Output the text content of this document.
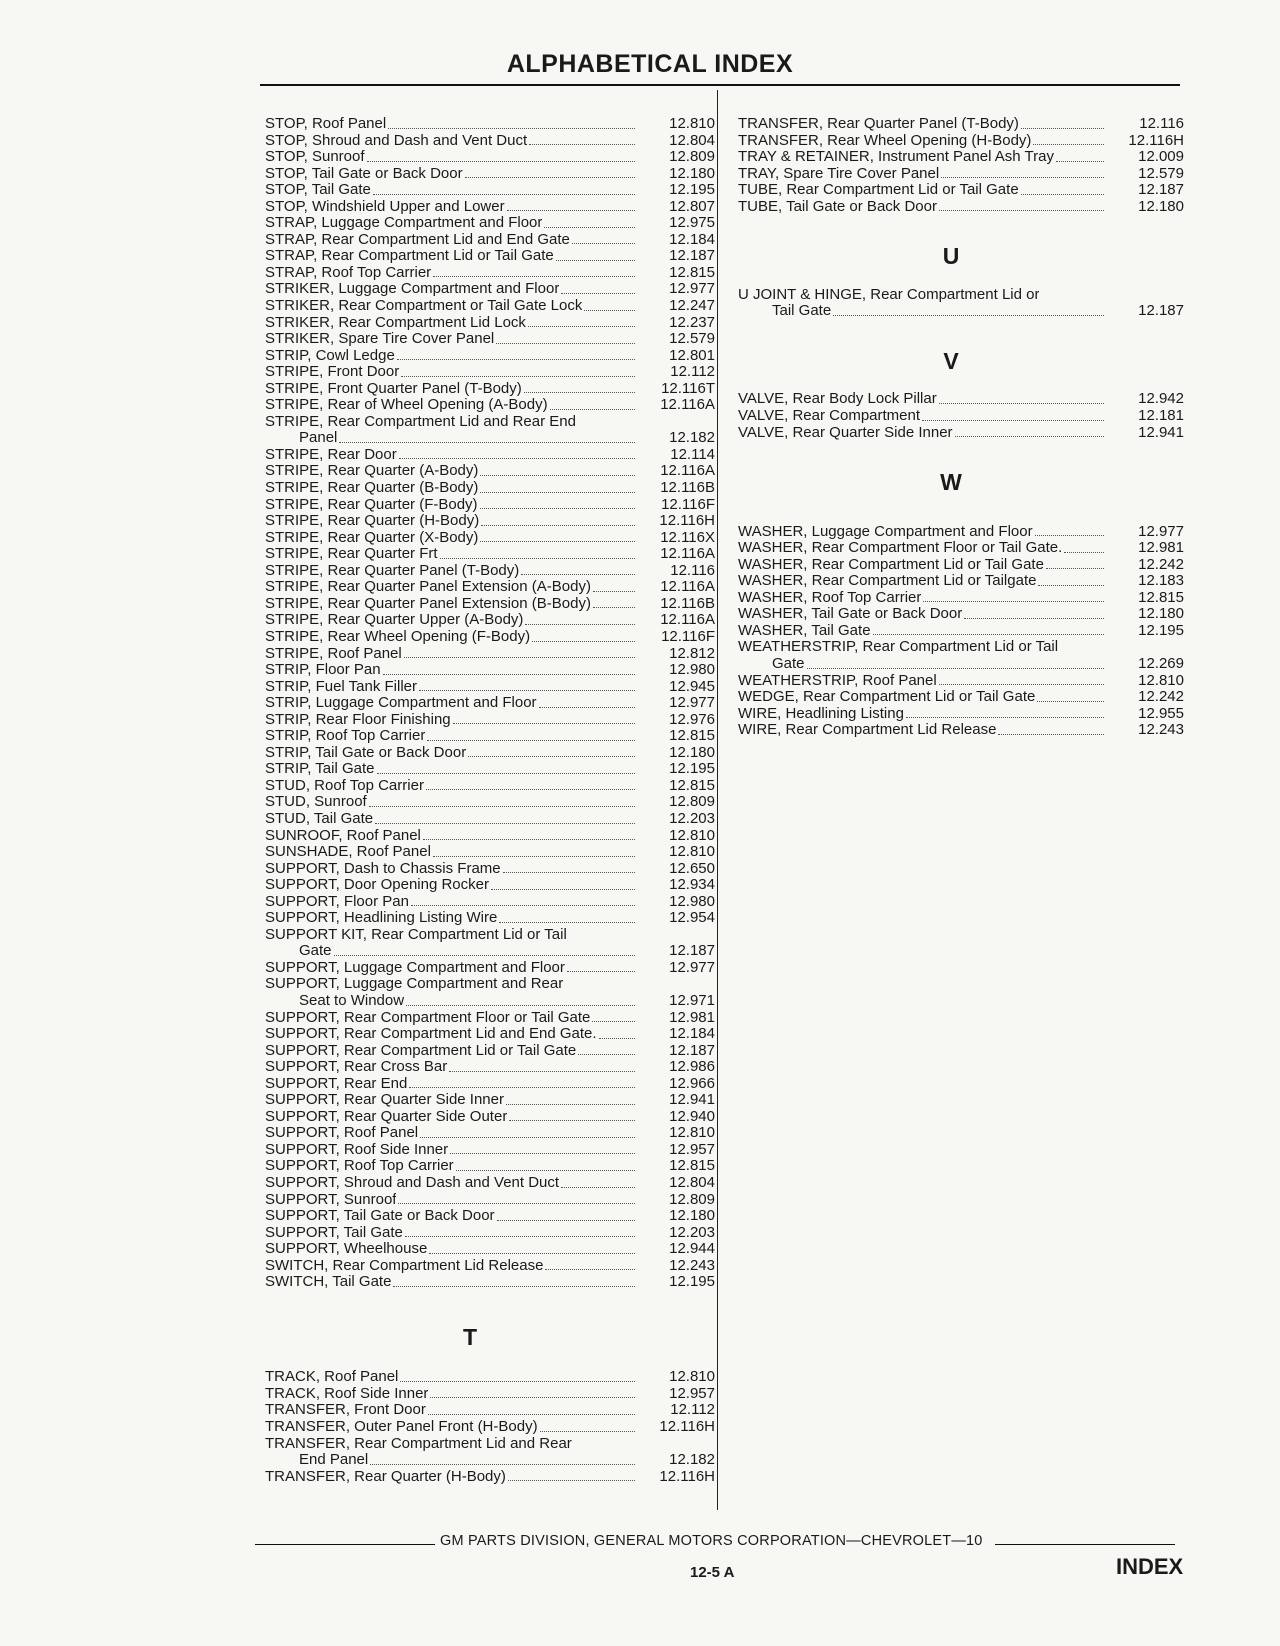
ALPHABETICAL INDEX
STOP, Roof Panel	12.810
STOP, Shroud and Dash and Vent Duct	12.804
STOP, Sunroof	12.809
STOP, Tail Gate or Back Door	12.180
STOP, Tail Gate	12.195
STOP, Windshield Upper and Lower	12.807
STRAP, Luggage Compartment and Floor	12.975
STRAP, Rear Compartment Lid and End Gate	12.184
STRAP, Rear Compartment Lid or Tail Gate	12.187
STRAP, Roof Top Carrier	12.815
STRIKER, Luggage Compartment and Floor	12.977
STRIKER, Rear Compartment or Tail Gate Lock	12.247
STRIKER, Rear Compartment Lid Lock	12.237
STRIKER, Spare Tire Cover Panel	12.579
STRIP, Cowl Ledge	12.801
STRIPE, Front Door	12.112
STRIPE, Front Quarter Panel (T-Body)	12.116T
STRIPE, Rear of Wheel Opening (A-Body)	12.116A
STRIPE, Rear Compartment Lid and Rear End
Panel	12.182
STRIPE, Rear Door	12.114
STRIPE, Rear Quarter (A-Body)	12.116A
STRIPE, Rear Quarter (B-Body)	12.116B
STRIPE, Rear Quarter (F-Body)	12.116F
STRIPE, Rear Quarter (H-Body)	12.116H
STRIPE, Rear Quarter (X-Body)	12.116X
STRIPE, Rear Quarter Frt	12.116A
STRIPE, Rear Quarter Panel (T-Body)	12.116
STRIPE, Rear Quarter Panel Extension (A-Body)	12.116A
STRIPE, Rear Quarter Panel Extension (B-Body)	12.116B
STRIPE, Rear Quarter Upper (A-Body)	12.116A
STRIPE, Rear Wheel Opening (F-Body)	12.116F
STRIPE, Roof Panel	12.812
STRIP, Floor Pan	12.980
STRIP, Fuel Tank Filler	12.945
STRIP, Luggage Compartment and Floor	12.977
STRIP, Rear Floor Finishing	12.976
STRIP, Roof Top Carrier	12.815
STRIP, Tail Gate or Back Door	12.180
STRIP, Tail Gate	12.195
STUD, Roof Top Carrier	12.815
STUD, Sunroof	12.809
STUD, Tail Gate	12.203
SUNROOF, Roof Panel	12.810
SUNSHADE, Roof Panel	12.810
SUPPORT, Dash to Chassis Frame	12.650
SUPPORT, Door Opening Rocker	12.934
SUPPORT, Floor Pan	12.980
SUPPORT, Headlining Listing Wire	12.954
SUPPORT KIT, Rear Compartment Lid or Tail
Gate	12.187
SUPPORT, Luggage Compartment and Floor	12.977
SUPPORT, Luggage Compartment and Rear
Seat to Window	12.971
SUPPORT, Rear Compartment Floor or Tail Gate	12.981
SUPPORT, Rear Compartment Lid and End Gate.	12.184
SUPPORT, Rear Compartment Lid or Tail Gate	12.187
SUPPORT, Rear Cross Bar	12.986
SUPPORT, Rear End	12.966
SUPPORT, Rear Quarter Side Inner	12.941
SUPPORT, Rear Quarter Side Outer	12.940
SUPPORT, Roof Panel	12.810
SUPPORT, Roof Side Inner	12.957
SUPPORT, Roof Top Carrier	12.815
SUPPORT, Shroud and Dash and Vent Duct	12.804
SUPPORT, Sunroof	12.809
SUPPORT, Tail Gate or Back Door	12.180
SUPPORT, Tail Gate	12.203
SUPPORT, Wheelhouse	12.944
SWITCH, Rear Compartment Lid Release	12.243
SWITCH, Tail Gate	12.195
T
TRACK, Roof Panel	12.810
TRACK, Roof Side Inner	12.957
TRANSFER, Front Door	12.112
TRANSFER, Outer Panel Front (H-Body)	12.116H
TRANSFER, Rear Compartment Lid and Rear
End Panel	12.182
TRANSFER, Rear Quarter (H-Body)	12.116H
TRANSFER, Rear Quarter Panel (T-Body)	12.116
TRANSFER, Rear Wheel Opening (H-Body)	12.116H
TRAY & RETAINER, Instrument Panel Ash Tray	12.009
TRAY, Spare Tire Cover Panel	12.579
TUBE, Rear Compartment Lid or Tail Gate	12.187
TUBE, Tail Gate or Back Door	12.180
U
U JOINT & HINGE, Rear Compartment Lid or
Tail Gate	12.187
V
VALVE, Rear Body Lock Pillar	12.942
VALVE, Rear Compartment	12.181
VALVE, Rear Quarter Side Inner	12.941
W
WASHER, Luggage Compartment and Floor	12.977
WASHER, Rear Compartment Floor or Tail Gate.	12.981
WASHER, Rear Compartment Lid or Tail Gate	12.242
WASHER, Rear Compartment Lid or Tailgate	12.183
WASHER, Roof Top Carrier	12.815
WASHER, Tail Gate or Back Door	12.180
WASHER, Tail Gate	12.195
WEATHERSTRIP, Rear Compartment Lid or Tail
Gate	12.269
WEATHERSTRIP, Roof Panel	12.810
WEDGE, Rear Compartment Lid or Tail Gate	12.242
WIRE, Headlining Listing	12.955
WIRE, Rear Compartment Lid Release	12.243
GM PARTS DIVISION, GENERAL MOTORS CORPORATION—CHEVROLET—10
12-5 A	INDEX
